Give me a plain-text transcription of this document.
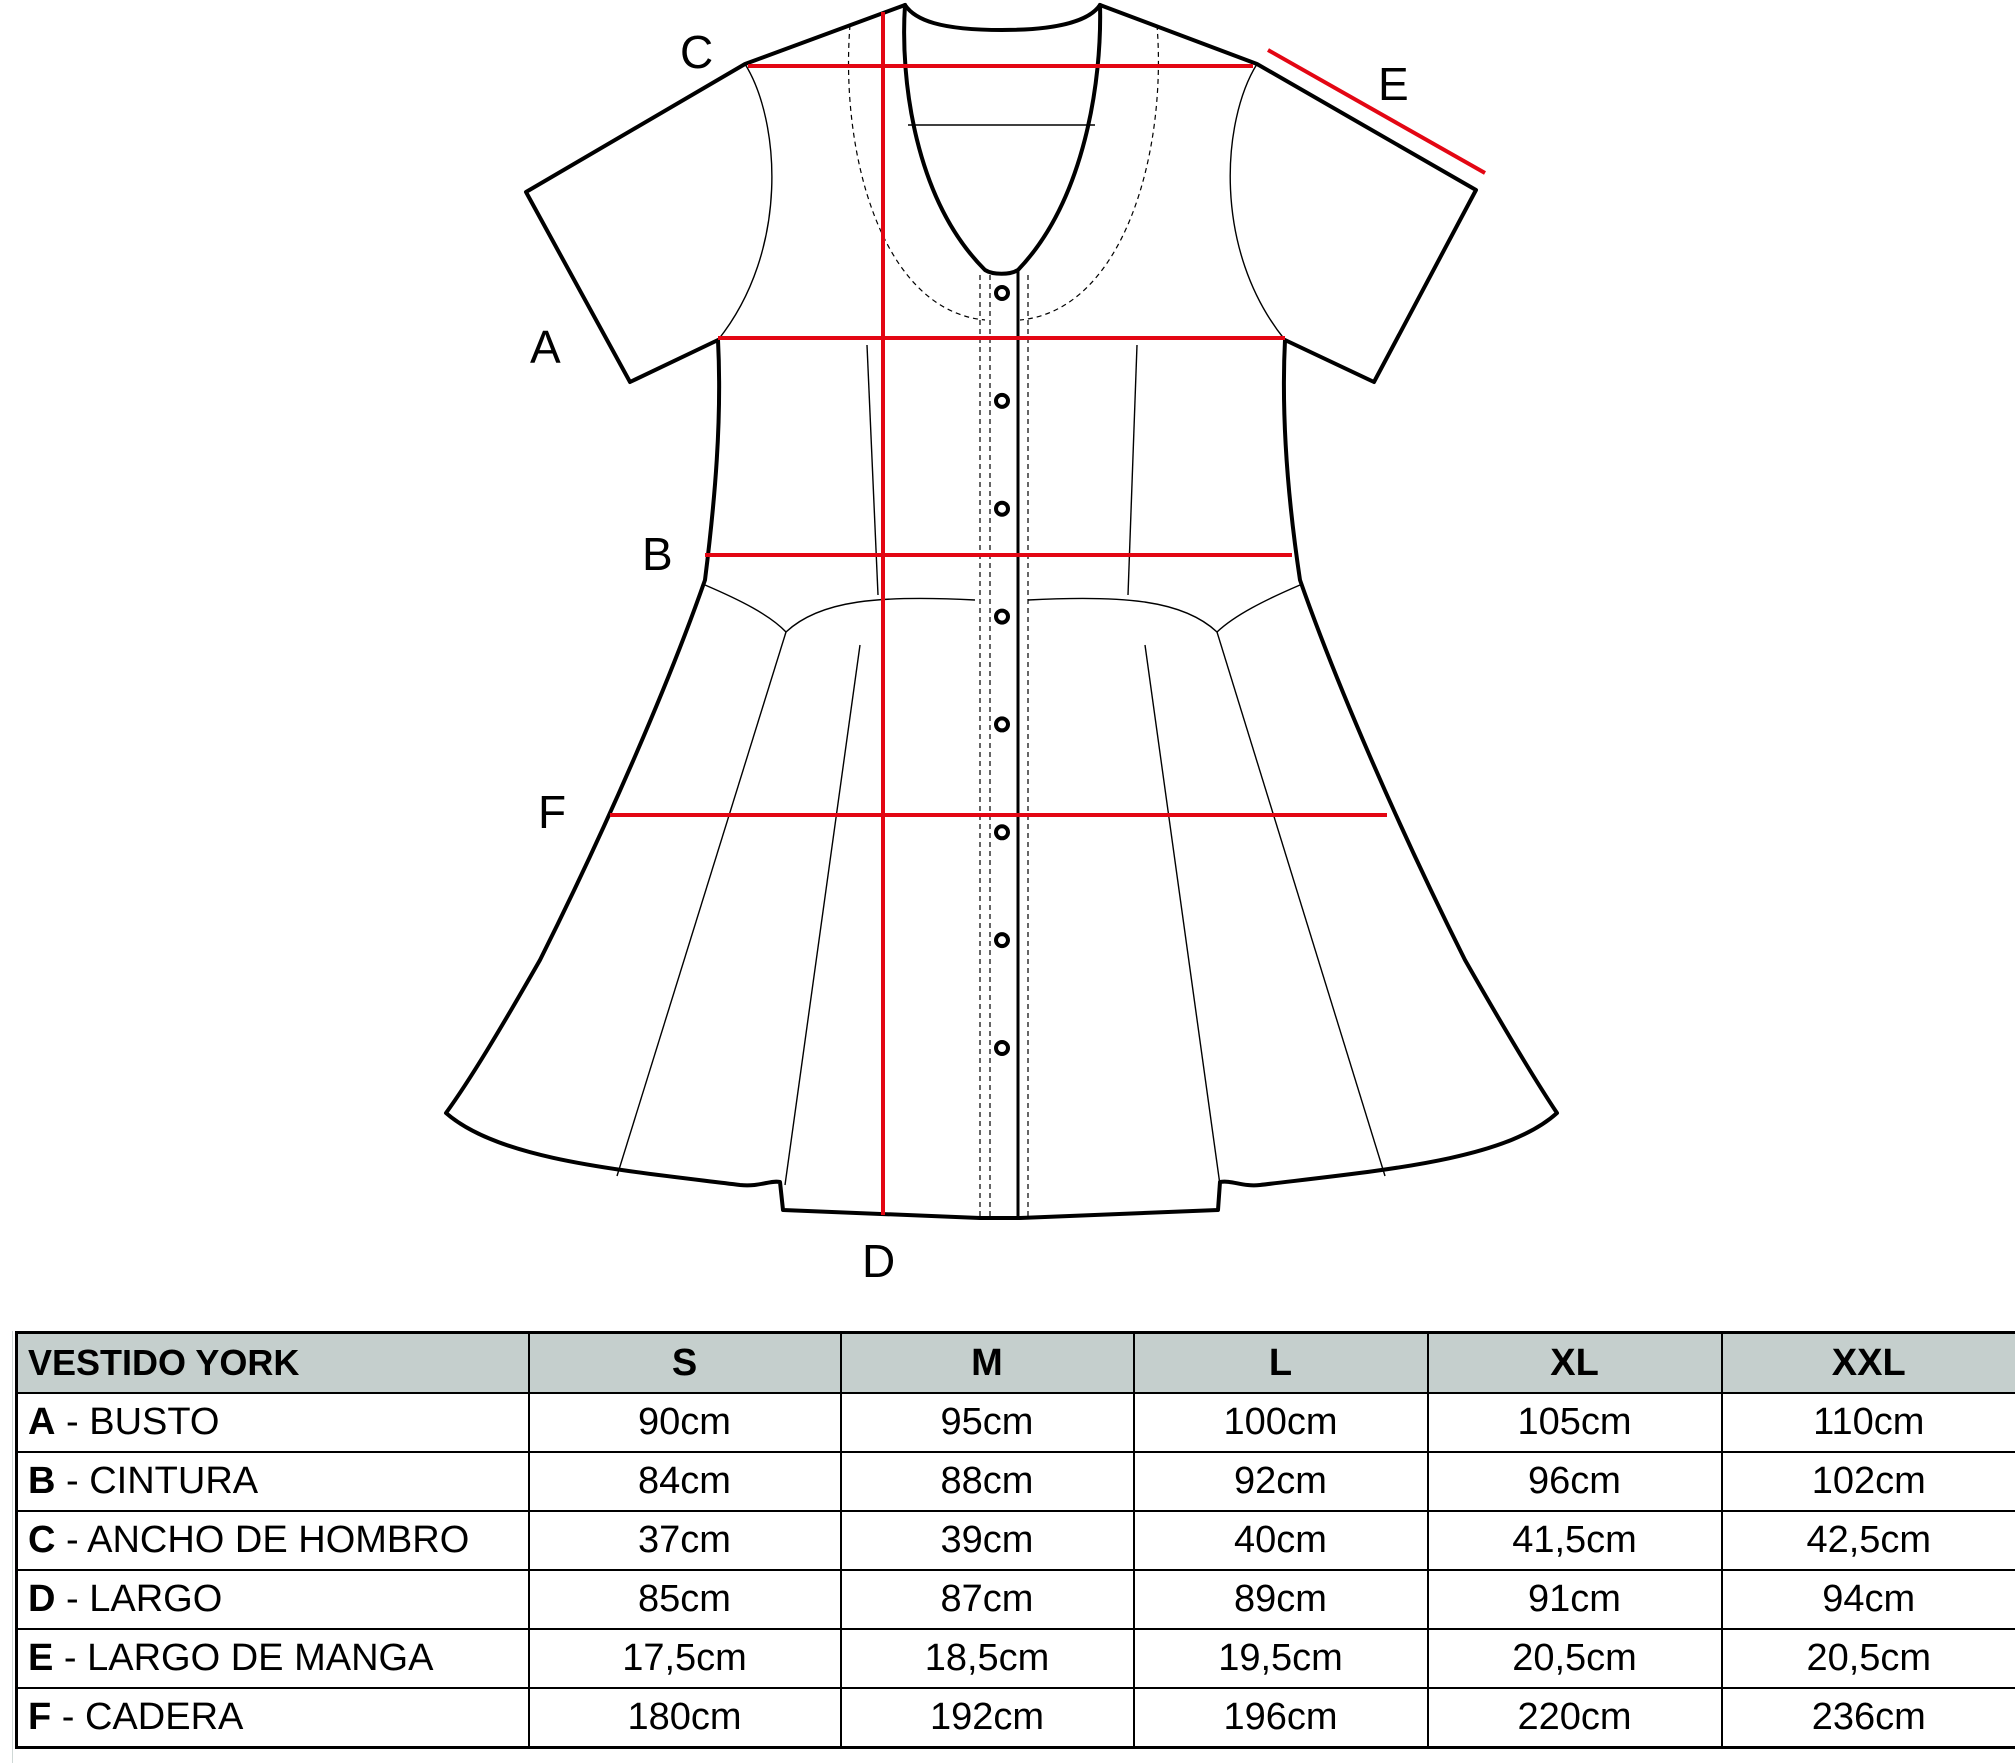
C
E
A
B
F
D
VESTIDO YORK	S	M	L	XL	XXL
A - BUSTO	90cm	95cm	100cm	105cm	110cm
B - CINTURA	84cm	88cm	92cm	96cm	102cm
C - ANCHO DE HOMBRO	37cm	39cm	40cm	41,5cm	42,5cm
D - LARGO	85cm	87cm	89cm	91cm	94cm
E - LARGO DE MANGA	17,5cm	18,5cm	19,5cm	20,5cm	20,5cm
F - CADERA	180cm	192cm	196cm	220cm	236cm
